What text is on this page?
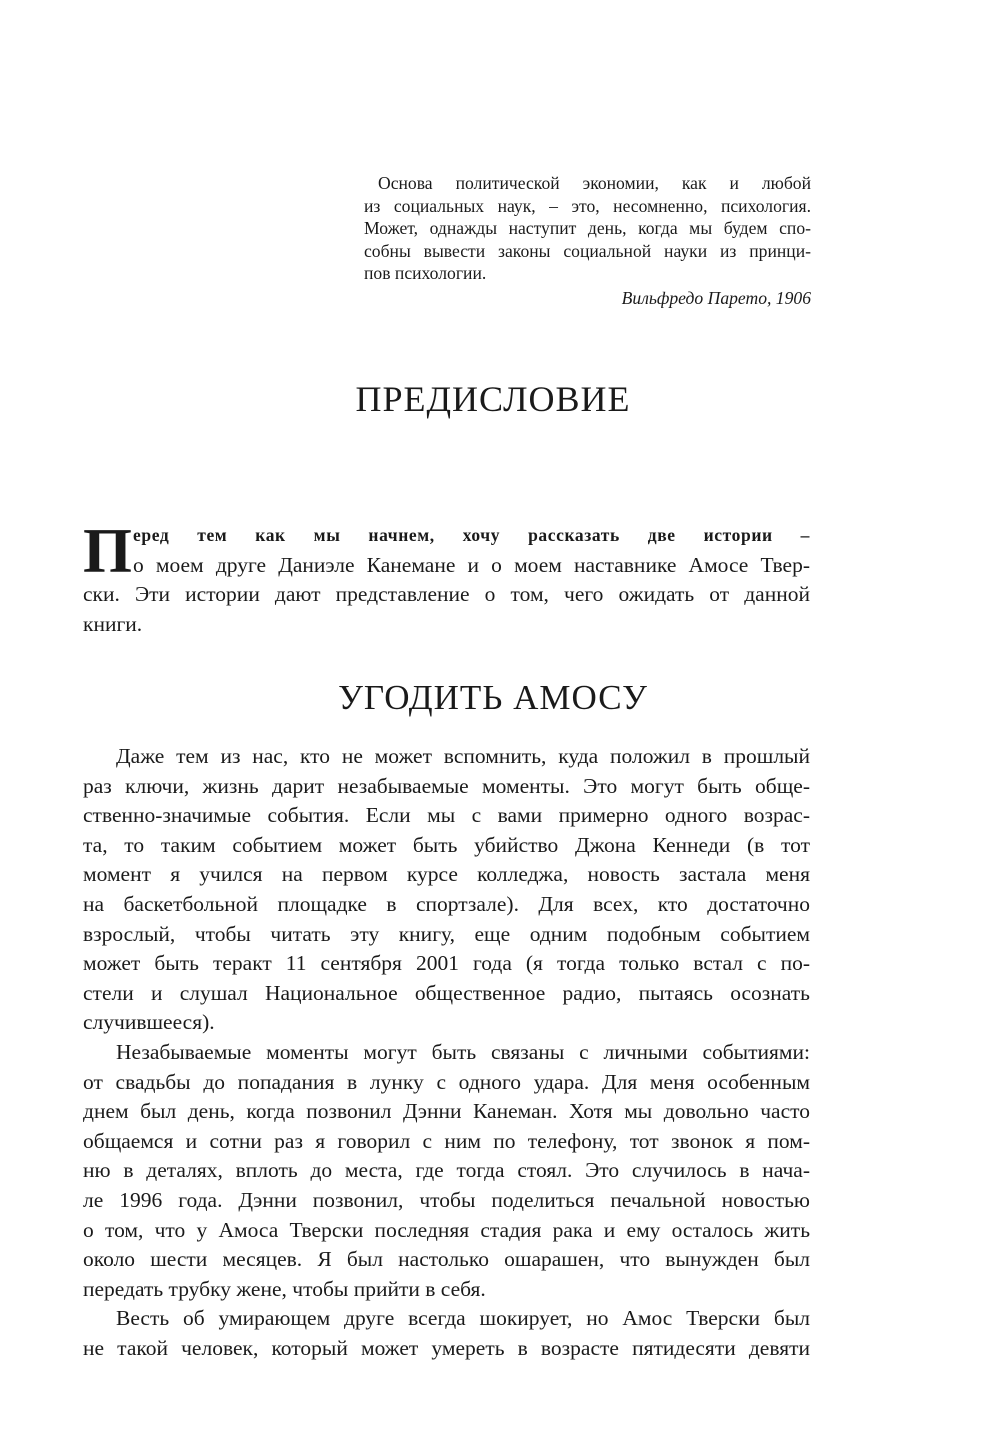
Основа политической экономии, как и любой
из социальных наук, – это, несомненно, психология.
Может, однажды наступит день, когда мы будем спо-
собны вывести законы социальной науки из принци-
пов психологии.
Вильфредо Парето, 1906
ПРЕДИСЛОВИЕ
П еред тем как мы начнем, хочу рассказать две истории –
о моем друге Даниэле Канемане и о моем наставнике Амосе Твер-
ски. Эти истории дают представление о том, чего ожидать от данной
книги.
УГОДИТЬ АМОСУ
Даже тем из нас, кто не может вспомнить, куда положил в прошлый
раз ключи, жизнь дарит незабываемые моменты. Это могут быть обще-
ственно-значимые события. Если мы с вами примерно одного возрас-
та, то таким событием может быть убийство Джона Кеннеди (в тот
момент я учился на первом курсе колледжа, новость застала меня
на баскетбольной площадке в спортзале). Для всех, кто достаточно
взрослый, чтобы читать эту книгу, еще одним подобным событием
может быть теракт 11 сентября 2001 года (я тогда только встал с по-
стели и слушал Национальное общественное радио, пытаясь осознать
случившееся).
Незабываемые моменты могут быть связаны с личными событиями:
от свадьбы до попадания в лунку с одного удара. Для меня особенным
днем был день, когда позвонил Дэнни Канеман. Хотя мы довольно часто
общаемся и сотни раз я говорил с ним по телефону, тот звонок я пом-
ню в деталях, вплоть до места, где тогда стоял. Это случилось в нача-
ле 1996 года. Дэнни позвонил, чтобы поделиться печальной новостью
о том, что у Амоса Тверски последняя стадия рака и ему осталось жить
около шести месяцев. Я был настолько ошарашен, что вынужден был
передать трубку жене, чтобы прийти в себя.
Весть об умирающем друге всегда шокирует, но Амос Тверски был
не такой человек, который может умереть в возрасте пятидесяти девяти
